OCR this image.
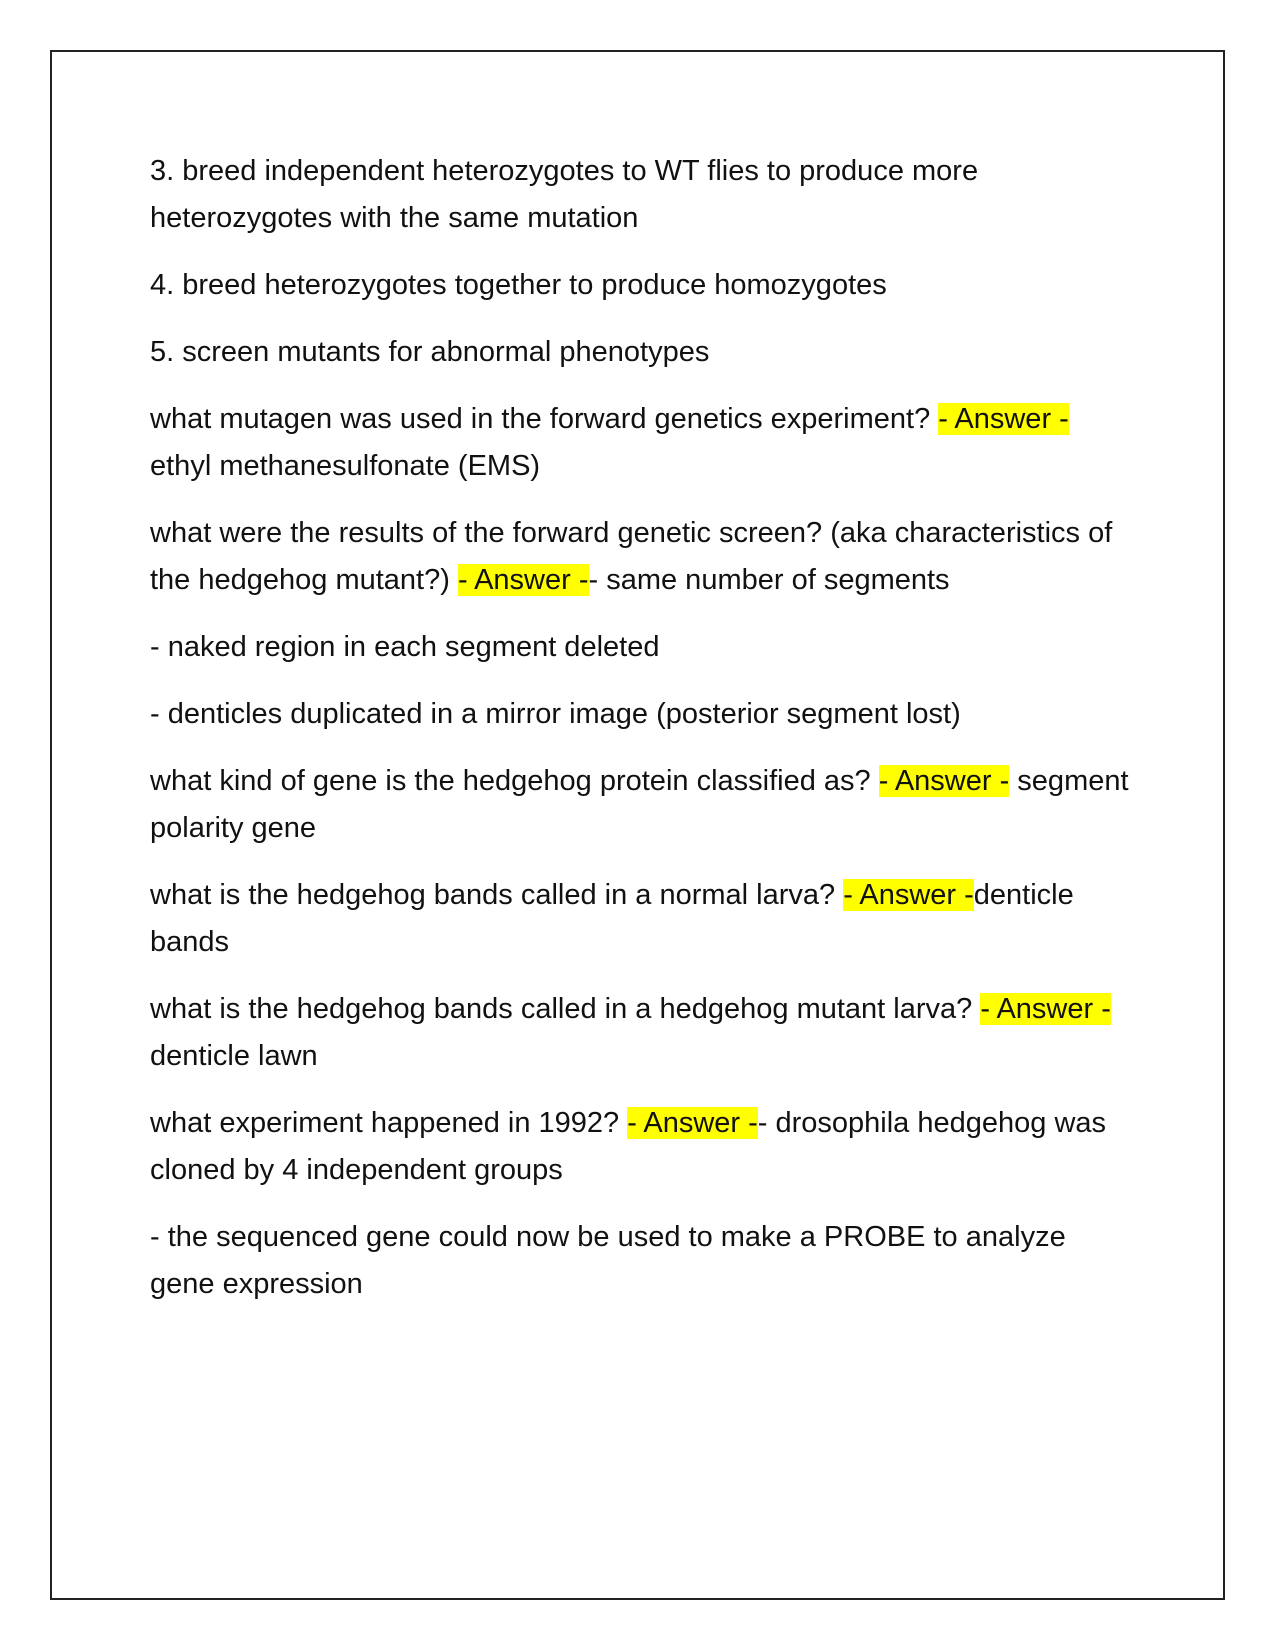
3. breed independent heterozygotes to WT flies to produce more heterozygotes with the same mutation

4. breed heterozygotes together to produce homozygotes

5. screen mutants for abnormal phenotypes

what mutagen was used in the forward genetics experiment? - Answer - ethyl methanesulfonate (EMS)

what were the results of the forward genetic screen? (aka characteristics of the hedgehog mutant?) - Answer -- same number of segments

- naked region in each segment deleted

- denticles duplicated in a mirror image (posterior segment lost)

what kind of gene is the hedgehog protein classified as? - Answer - segment polarity gene

what is the hedgehog bands called in a normal larva? - Answer -denticle bands

what is the hedgehog bands called in a hedgehog mutant larva? - Answer -denticle lawn

what experiment happened in 1992? - Answer -- drosophila hedgehog was cloned by 4 independent groups

- the sequenced gene could now be used to make a PROBE to analyze gene expression
